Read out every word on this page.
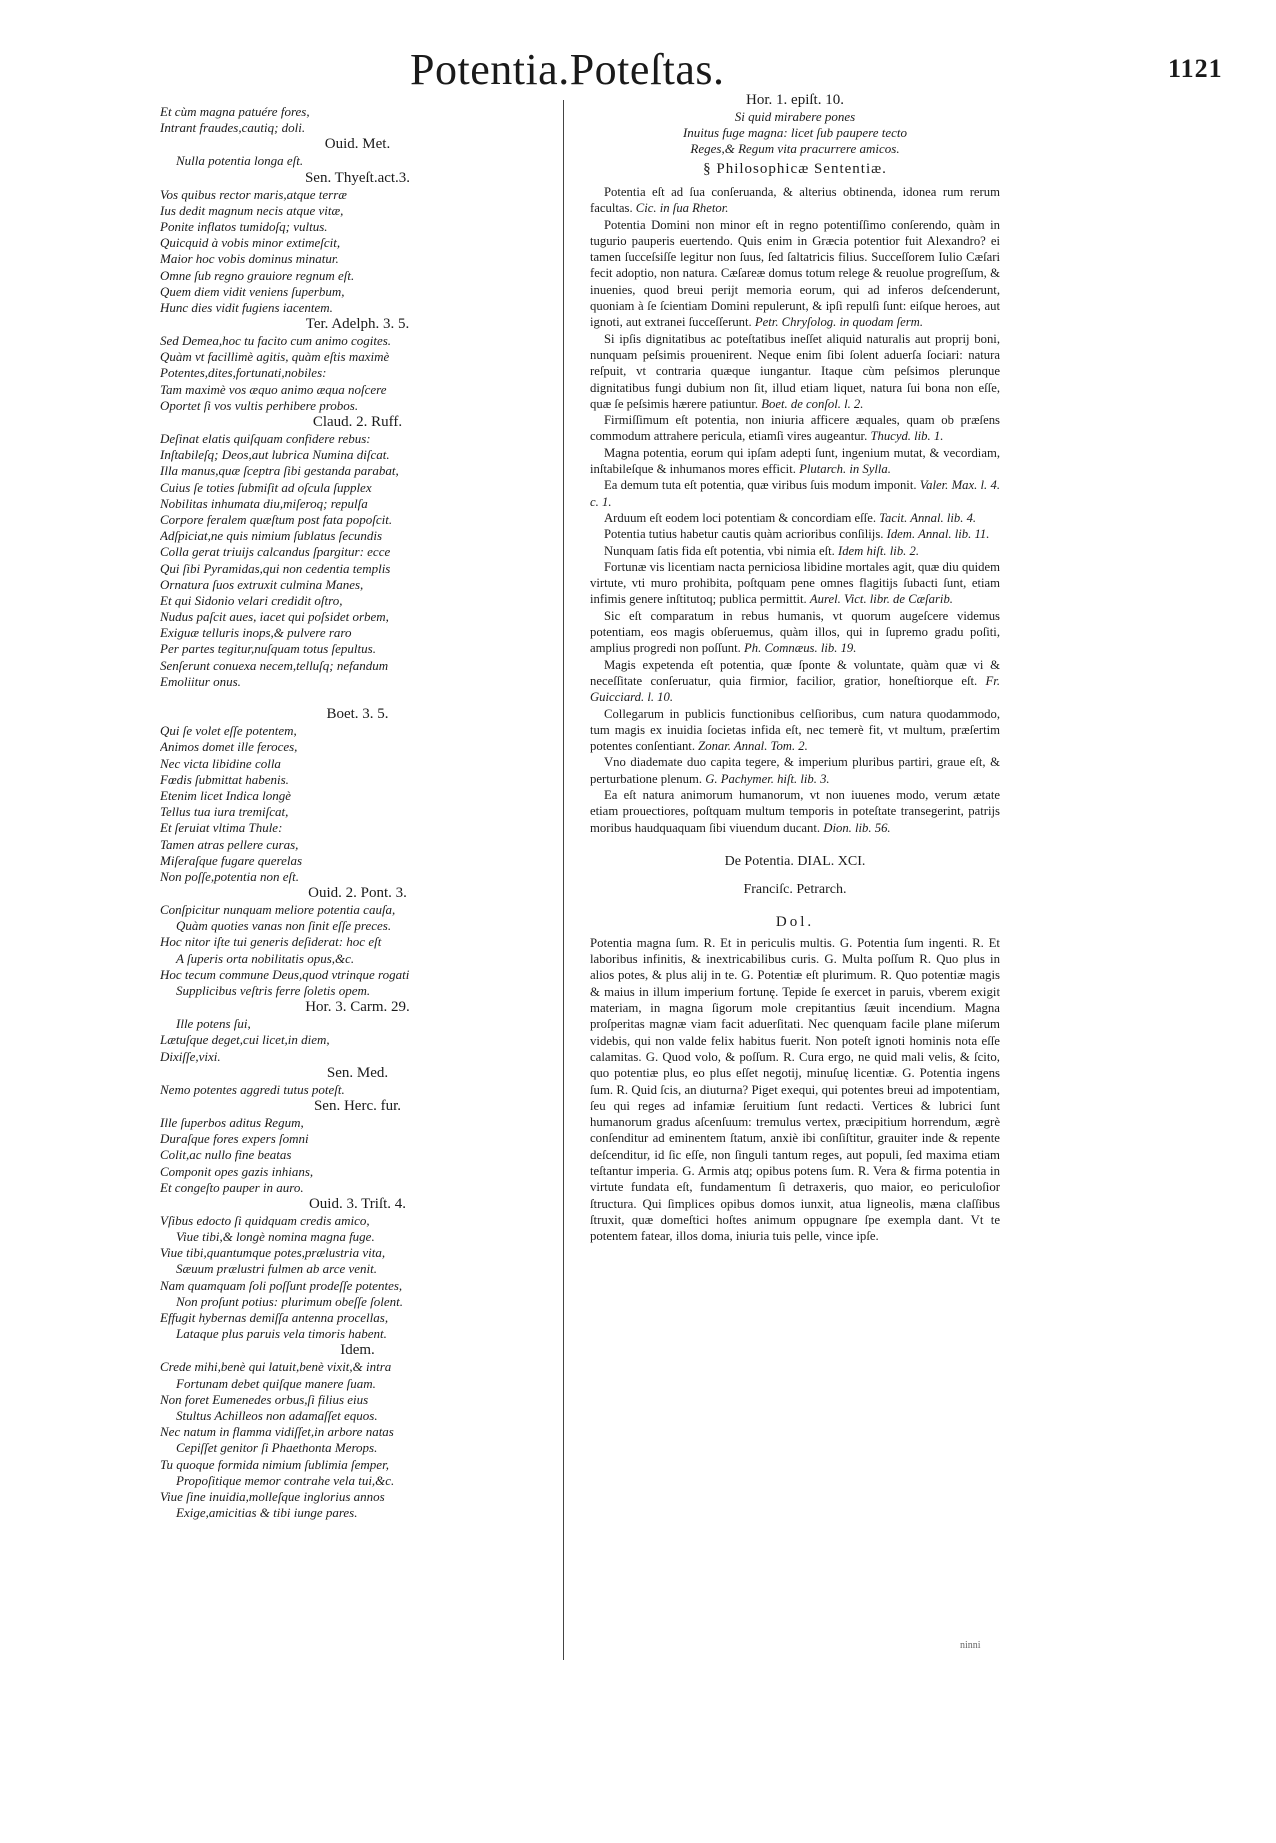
Potentia.Poteſtas.	1121
Et cùm magna patuére fores,
Intrant fraudes,cautiq; doli.
Ouid. Met.
Nulla potentia longa eſt.
Sen. Thyeſt.act.3.
Vos quibus rector maris,atque terræ
Ius dedit magnum necis atque vitæ,
Ponite inflatos tumidoſq; vultus.
Quicquid à vobis minor extimeſcit,
Maior hoc vobis dominus minatur.
Omne ſub regno grauiore regnum eſt.
Quem diem vidit veniens ſuperbum,
Hunc dies vidit fugiens iacentem.
Ter. Adelph. 3. 5.
Sed Demea,hoc tu facito cum animo cogites.
Quàm vt facillimè agitis, quàm eſtis maximè
Potentes,dites,fortunati,nobiles:
Tam maximè vos æquo animo æqua noſcere
Oportet ſi vos vultis perhibere probos.
Claud. 2. Ruff.
Deſinat elatis quiſquam confidere rebus:
Inſtabileſq; Deos,aut lubrica Numina diſcat.
Illa manus,quæ ſceptra ſibi gestanda parabat,
Cuius ſe toties ſubmiſit ad oſcula ſupplex
Nobilitas inhumata diu,miſeroq; repulſa
Corpore feralem quæſtum post fata popoſcit.
Adſpiciat,ne quis nimium ſublatus ſecundis
Colla gerat triuijs calcandus ſpargitur: ecce
Qui ſibi Pyramidas,qui non cedentia templis
Ornatura ſuos extruxit culmina Manes,
Et qui Sidonio velari credidit oſtro,
Nudus paſcit aues, iacet qui poſsidet orbem,
Exiguæ telluris inops,& pulvere raro
Per partes tegitur,nuſquam totus ſepultus.
Senſerunt conuexa necem,telluſq; nefandum
Emoliitur onus.
Boet. 3. 5.
Qui ſe volet eſſe potentem,
Animos domet ille feroces,
Nec victa libidine colla
Fœdis ſubmittat habenis.
Etenim licet Indica longè
Tellus tua iura tremiſcat,
Et ſeruiat vltima Thule:
Tamen atras pellere curas,
Miſeraſque fugare querelas
Non poſſe,potentia non eſt.
Ouid. 2. Pont. 3.
Conſpicitur nunquam meliore potentia cauſa,
Quàm quoties vanas non ſinit eſſe preces.
Hoc nitor iſte tui generis deſiderat: hoc eſt
A ſuperis orta nobilitatis opus,&c.
Hoc tecum commune Deus,quod vtrinque rogati
Supplicibus veſtris ferre ſoletis opem.
Hor. 3. Carm. 29.
Ille potens ſui,
Lætuſque deget,cui licet,in diem,
Dixiſſe,vixi.
Sen. Med.
Nemo potentes aggredi tutus poteſt.
Sen. Herc. fur.
Ille ſuperbos aditus Regum,
Duraſque fores expers ſomni
Colit,ac nullo fine beatas
Componit opes gazis inhians,
Et congeſto pauper in auro.
Ouid. 3. Triſt. 4.
Vſibus edocto ſi quidquam credis amico,
Viue tibi,& longè nomina magna fuge.
Viue tibi,quantumque potes,prælustria vita,
Sæuum prælustri fulmen ab arce venit.
Nam quamquam ſoli poſſunt prodeſſe potentes,
Non proſunt potius: plurimum obeſſe ſolent.
Effugit hybernas demiſſa antenna procellas,
Lataque plus paruis vela timoris habent.
Idem.
Crede mihi,benè qui latuit,benè vixit,& intra
Fortunam debet quiſque manere ſuam.
Non foret Eumenedes orbus,ſi filius eius
Stultus Achilleos non adamaſſet equos.
Nec natum in flamma vidiſſet,in arbore natas
Cepiſſet genitor ſi Phaethonta Merops.
Tu quoque formida nimium ſublimia ſemper,
Propoſitique memor contrahe vela tui,&c.
Viue ſine inuidia,molleſque inglorius annos
Exige,amicitias & tibi iunge pares.
Hor. 1. epiſt. 10.
Si quid mirabere pones
Inuitus fuge magna: licet ſub paupere tecto
Reges,& Regum vita pracurrere amicos.
§ Philosophicæ Sententiæ.

Potentia eſt ad ſua conſeruanda, & alterius obtinenda, idonea rum rerum facultas. Cic. in ſua Rhetor.

Potentia Domini non minor eſt in regno potentiſſimo conſerendo, quàm in tugurio pauperis euertendo. Quis enim in Græcia potentior fuit Alexandro? ei tamen ſucceſsiſſe legitur non ſuus, ſed ſaltatricis filius. Succeſſorem Iulio Cæſari fecit adoptio, non natura. Cæſareæ domus totum relege & reuolue progreſſum, & inuenies, quod breui perijt memoria eorum, qui ad inferos deſcenderunt, quoniam à ſe ſcientiam Domini repulerunt, & ipſi repulſi ſunt: eiſque heroes, aut ignoti, aut extranei ſucceſſerunt. Petr. Chryſolog. in quodam ſerm.

Si ipſis dignitatibus ac poteſtatibus ineſſet aliquid naturalis aut proprij boni, nunquam peſsimis prouenirent. Neque enim ſibi ſolent aduerſa ſociari: natura reſpuit, vt contraria quæque iungantur. Itaque cùm peſsimos plerunque dignitatibus fungi dubium non ſit, illud etiam liquet, natura ſui bona non eſſe, quæ ſe peſsimis hærere patiuntur. Boet. de conſol. l. 2.

Firmiſſimum eſt potentia, non iniuria afficere æquales, quam ob præſens commodum attrahere pericula, etiamſi vires augeantur. Thucyd. lib. 1.

Magna potentia, eorum qui ipſam adepti ſunt, ingenium mutat, & vecordiam, inſtabileſque & inhumanos mores efficit. Plutarch. in Sylla.

Ea demum tuta eſt potentia, quæ viribus ſuis modum imponit. Valer. Max. l. 4. c. 1.

Arduum eſt eodem loci potentiam & concordiam eſſe. Tacit. Annal. lib. 4.

Potentia tutius habetur cautis quàm acrioribus conſilijs. Idem. Annal. lib. 11.

Nunquam ſatis fida eſt potentia, vbi nimia eſt. Idem hiſt. lib. 2.

Fortunæ vis licentiam nacta perniciosa libidine mortales agit, quæ diu quidem virtute, vti muro prohibita, poſtquam pene omnes flagitijs ſubacti ſunt, etiam infimis genere inſtitutoq; publica permittit. Aurel. Vict. libr. de Cæſarib.

Sic eſt comparatum in rebus humanis, vt quorum augeſcere videmus potentiam, eos magis obſeruemus, quàm illos, qui in ſupremo gradu poſiti, amplius progredi non poſſunt. Ph. Comnæus. lib. 19.

Magis expetenda eſt potentia, quæ ſponte & voluntate, quàm quæ vi & neceſſitate conſeruatur, quia firmior, facilior, gratior, honeſtiorque eſt. Fr. Guicciard. l. 10.

Collegarum in publicis functionibus celſioribus, cum natura quodammodo, tum magis ex inuidia ſocietas infida eſt, nec temerè fit, vt multum, præſertim potentes conſentiant. Zonar. Annal. Tom. 2.

Vno diademate duo capita tegere, & imperium pluribus partiri, graue eſt, & perturbatione plenum. G. Pachymer. hiſt. lib. 3.

Ea eſt natura animorum humanorum, vt non iuuenes modo, verum ætate etiam prouectiores, poſtquam multum temporis in poteſtate transegerint, patrijs moribus haudquaquam ſibi viuendum ducant. Dion. lib. 56.

De Potentia. DIAL. XCI.
Franciſc. Petrarch.
Dol.

Potentia magna ſum. R. Et in periculis multis. G. Potentia ſum ingenti. R. Et laboribus infinitis, & inextricabilibus curis. G. Multa poſſum R. Quo plus in alios potes, & plus alij in te. G. Potentiæ eſt plurimum. R. Quo potentiæ magis & maius in illum imperium fortunę. Tepide ſe exercet in paruis, vberem exigit materiam, in magna ſigorum mole crepitantius ſæuit incendium. Magna proſperitas magnæ viam facit aduerſitati. Nec quenquam facile plane miſerum videbis, qui non valde felix habitus fuerit. Non poteſt ignoti hominis nota eſſe calamitas. G. Quod volo, & poſſum. R. Cura ergo, ne quid mali velis, & ſcito, quo potentiæ plus, eo plus eſſet negotij, minuſuę licentiæ. G. Potentia ingens ſum. R. Quid ſcis, an diuturna? Piget exequi, qui potentes breui ad impotentiam, ſeu qui reges ad infamiæ ſeruitium ſunt redacti. Vertices & lubrici ſunt humanorum gradus aſcenſuum: tremulus vertex, præcipitium horrendum, ægrè conſenditur ad eminentem ſtatum, anxiè ibi conſiſtitur, grauiter inde & repente deſcenditur, id ſic eſſe, non ſinguli tantum reges, aut populi, ſed maxima etiam teſtantur imperia. G. Armis atq; opibus potens ſum. R. Vera & firma potentia in virtute fundata eſt, fundamentum ſi detraxeris, quo maior, eo periculoſior ſtructura. Qui ſimplices opibus domos iunxit, atua ligneolis, mæna claſſibus ſtruxit, quæ domeſtici hoſtes animum oppugnare ſpe exempla dant. Vt te potentem fatear, illos doma, iniuria tuis pelle, vince ipſe.

ninni
